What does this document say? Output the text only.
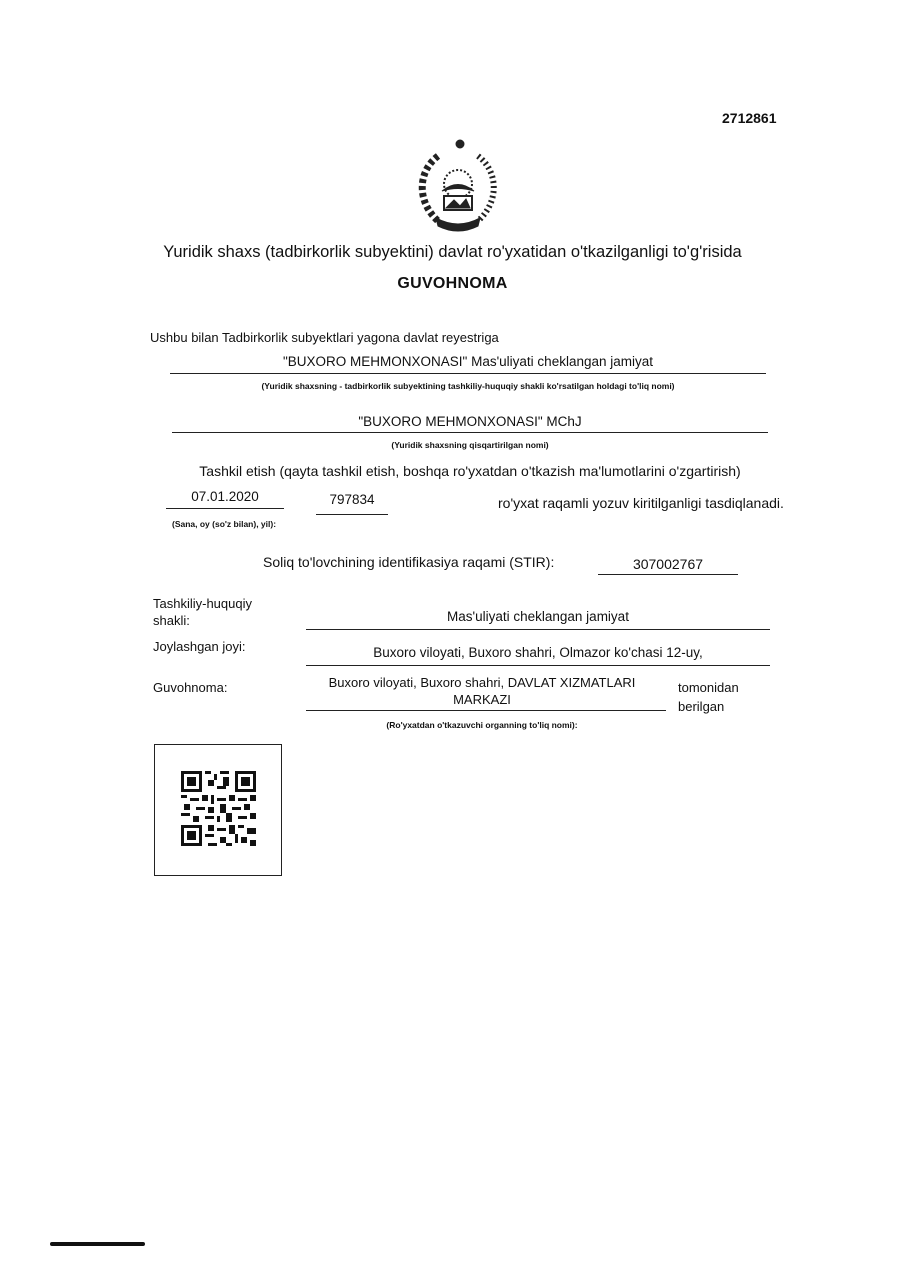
2712861
Yuridik shaxs (tadbirkorlik subyektini) davlat ro'yxatidan o'tkazilganligi to'g'risida
GUVOHNOMA
Ushbu bilan Tadbirkorlik subyektlari yagona davlat reyestriga
"BUXORO MEHMONXONASI" Mas'uliyati cheklangan jamiyat
(Yuridik shaxsning - tadbirkorlik subyektining tashkiliy-huquqiy shakli ko'rsatilgan holdagi to'liq nomi)
"BUXORO MEHMONXONASI" MChJ
(Yuridik shaxsning qisqartirilgan nomi)
Tashkil etish (qayta tashkil etish, boshqa ro'yxatdan o'tkazish ma'lumotlarini o'zgartirish)
07.01.2020	797834	ro'yxat raqamli yozuv kiritilganligi tasdiqlanadi.
(Sana, oy (so'z bilan), yil):
Soliq to'lovchining identifikasiya raqami (STIR):	307002767
Tashkiliy-huquqiy
shakli:	Mas'uliyati cheklangan jamiyat
Joylashgan joyi:	Buxoro viloyati, Buxoro shahri, Olmazor ko'chasi 12-uy,
Guvohnoma:	Buxoro viloyati, Buxoro shahri, DAVLAT XIZMATLARI
MARKAZI
tomonidan
berilgan
(Ro'yxatdan o'tkazuvchi organning to'liq nomi):
